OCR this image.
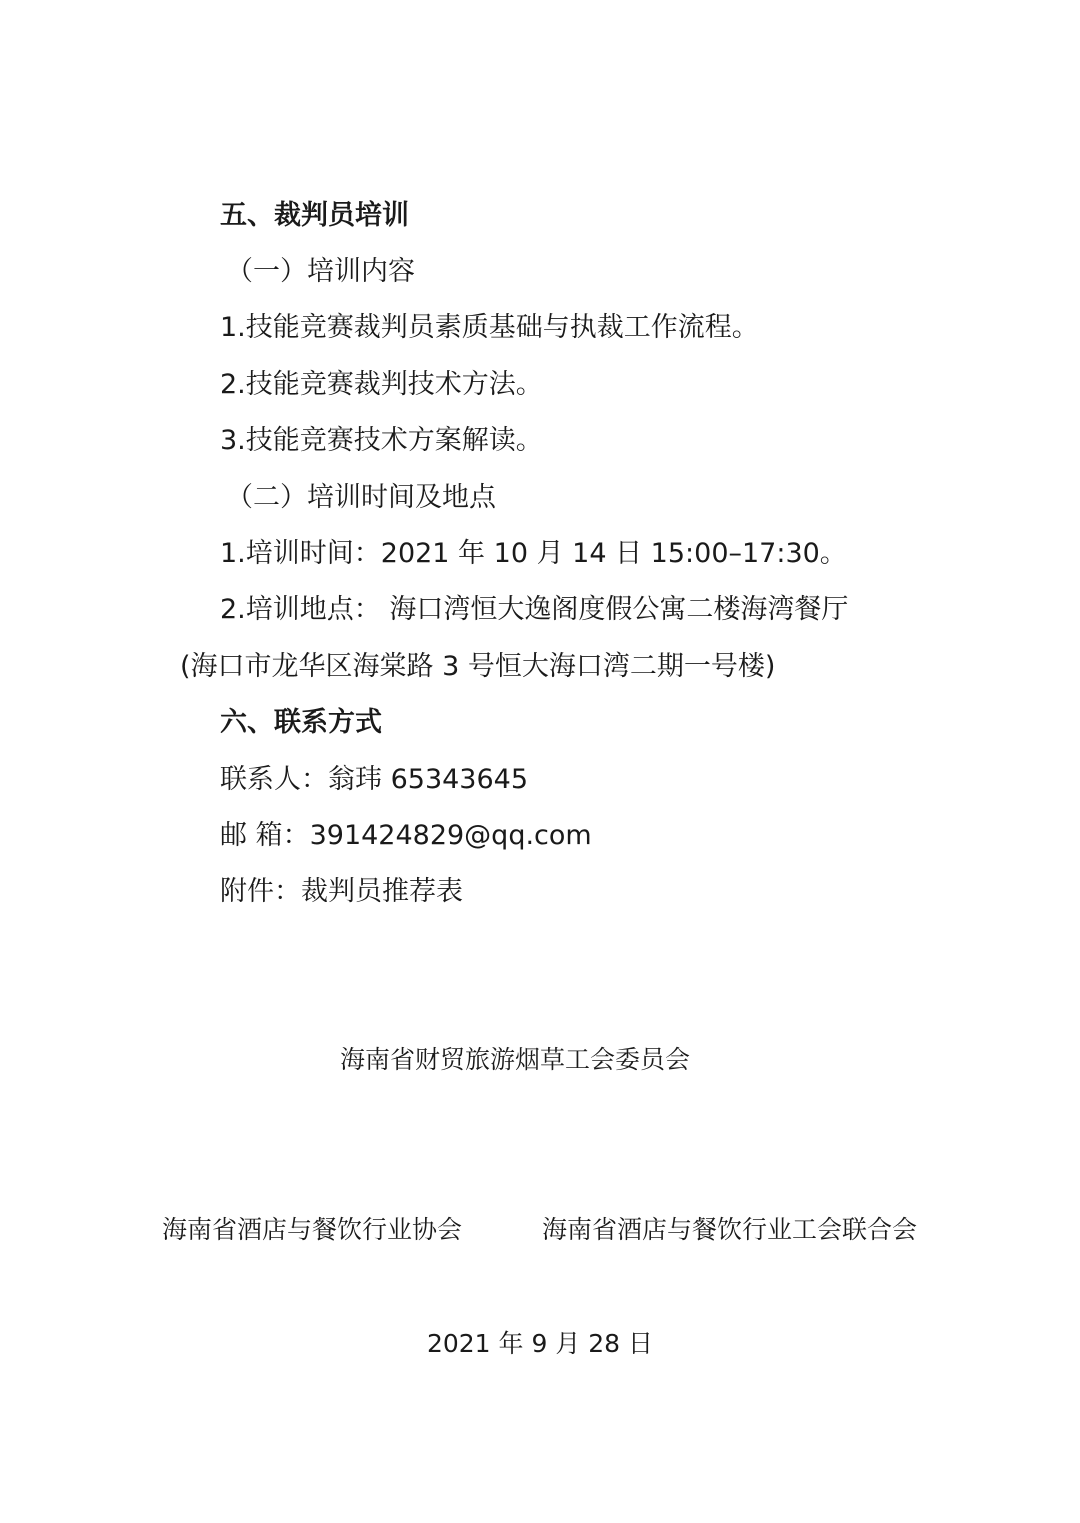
五、裁判员培训
（一）培训内容
1.技能竞赛裁判员素质基础与执裁工作流程。
2.技能竞赛裁判技术方法。
3.技能竞赛技术方案解读。
（二）培训时间及地点
1.培训时间：2021 年 10 月 14 日 15:00–17:30。
2.培训地点： 海口湾恒大逸阁度假公寓二楼海湾餐厅
(海口市龙华区海棠路 3 号恒大海口湾二期一号楼)
六、联系方式
联系人：翁玮 65343645
邮 箱：391424829@qq.com
附件：裁判员推荐表
海南省财贸旅游烟草工会委员会
海南省酒店与餐饮行业协会	海南省酒店与餐饮行业工会联合会
2021 年 9 月 28 日
